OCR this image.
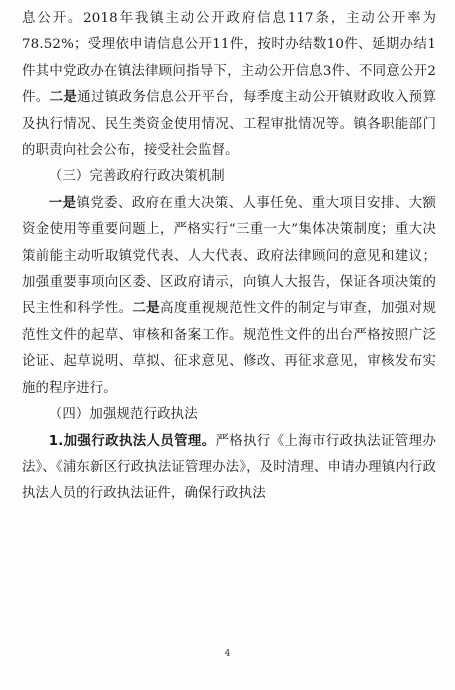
息公开。2018年我镇主动公开政府信息117条，主动公开率为78.52%；受理依申请信息公开11件，按时办结数10件、延期办结1件其中党政办在镇法律顾问指导下，主动公开信息3件、不同意公开2件。二是通过镇政务信息公开平台，每季度主动公开镇财政收入预算及执行情况、民生类资金使用情况、工程审批情况等。镇各职能部门的职责向社会公布，接受社会监督。

（三）完善政府行政决策机制

一是镇党委、政府在重大决策、人事任免、重大项目安排、大额资金使用等重要问题上，严格实行“三重一大”集体决策制度；重大决策前能主动听取镇党代表、人大代表、政府法律顾问的意见和建议；加强重要事项向区委、区政府请示，向镇人大报告，保证各项决策的民主性和科学性。二是高度重视规范性文件的制定与审查，加强对规范性文件的起草、审核和备案工作。规范性文件的出台严格按照广泛论证、起草说明、草拟、征求意见、修改、再征求意见，审核发布实施的程序进行。

（四）加强规范行政执法

1.加强行政执法人员管理。严格执行《上海市行政执法证管理办法》、《浦东新区行政执法证管理办法》，及时清理、申请办理镇内行政执法人员的行政执法证件，确保行政执法

4
